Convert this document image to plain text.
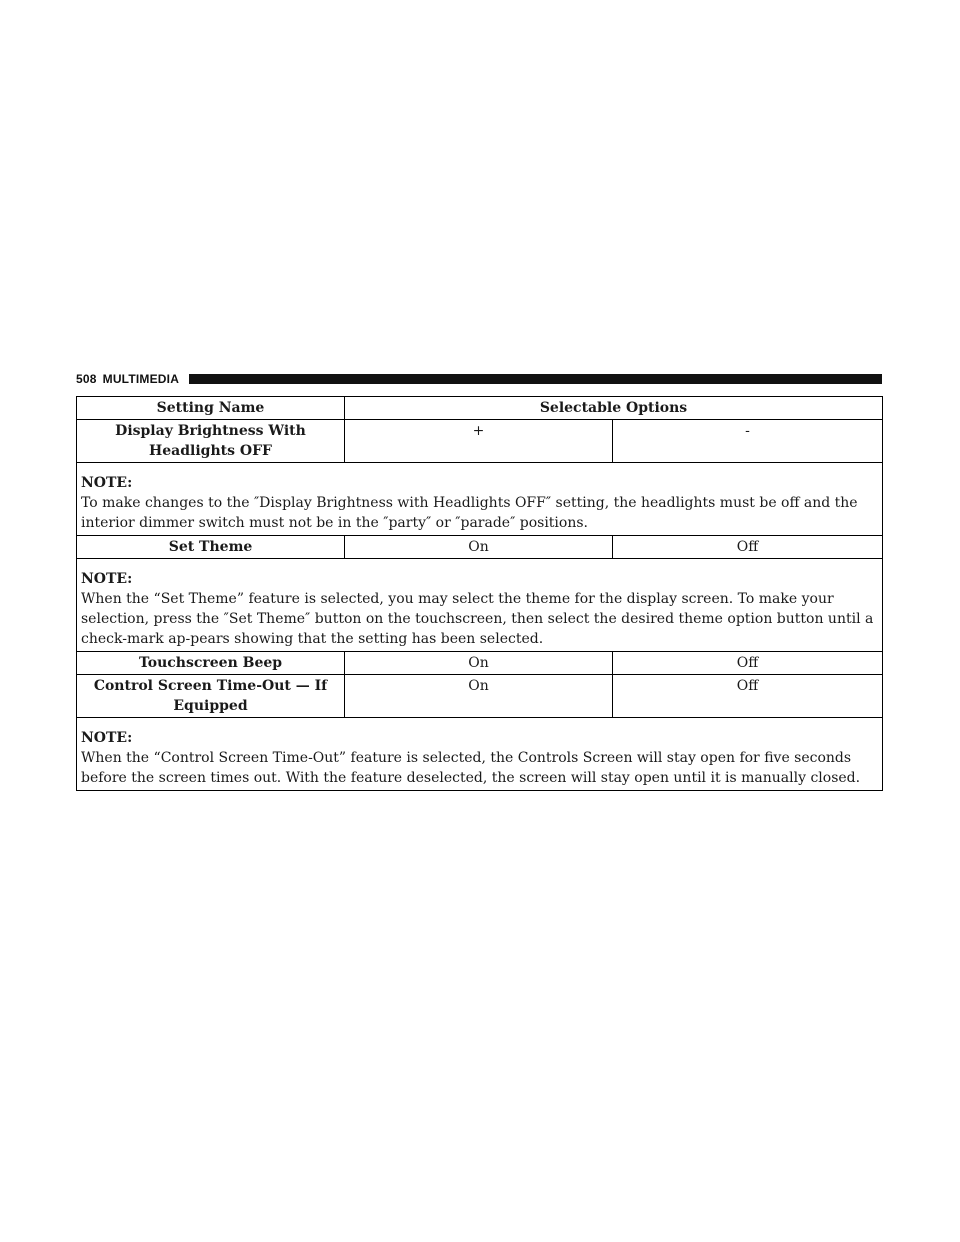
508 MULTIMEDIA
Setting Name	Selectable Options	
Display Brightness With Headlights OFF	+	-

NOTE:
To make changes to the ″Display Brightness with Headlights OFF″ setting, the headlights must be off and the interior dimmer switch must not be in the ″party″ or ″parade″ positions.		

Set Theme	On	Off

NOTE:
When the “Set Theme” feature is selected, you may select the theme for the display screen. To make your selection, press the ″Set Theme″ button on the touchscreen, then select the desired theme option button until a check-mark ap-pears showing that the setting has been selected.		

Touchscreen Beep	On	Off
Control Screen Time-Out — If Equipped	On	Off

NOTE:
When the “Control Screen Time-Out” feature is selected, the Controls Screen will stay open for five seconds before the screen times out. With the feature deselected, the screen will stay open until it is manually closed.		
